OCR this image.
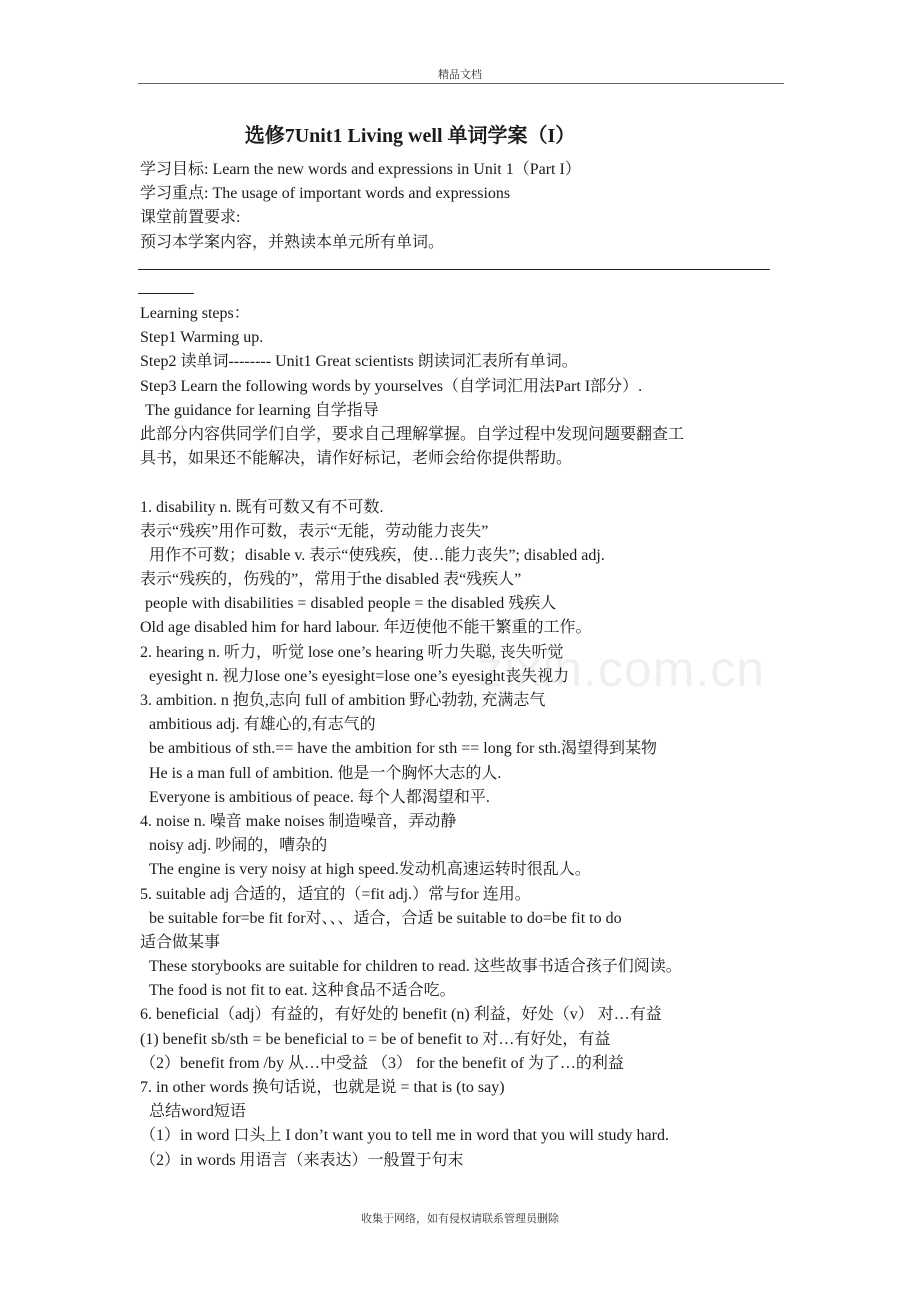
精品文档
选修7Unit1 Living well 单词学案（I）
学习目标: Learn the new words and expressions in Unit 1（Part I）
学习重点: The usage of important words and expressions
课堂前置要求:
预习本学案内容，并熟读本单元所有单词。
Learning steps：
Step1 Warming up.
Step2 读单词-------- Unit1 Great scientists 朗读词汇表所有单词。
Step3 Learn the following words by yourselves（自学词汇用法Part I部分）.
The guidance for learning 自学指导
此部分内容供同学们自学，要求自己理解掌握。自学过程中发现问题要翻查工
具书，如果还不能解决，请作好标记，老师会给你提供帮助。
1. disability n. 既有可数又有不可数.
表示“残疾”用作可数，表示“无能，劳动能力丧失”
用作不可数；disable v. 表示“使残疾，使…能力丧失”; disabled adj.
表示“残疾的，伤残的”，常用于the disabled 表“残疾人”
people with disabilities = disabled people = the disabled 残疾人
Old age disabled him for hard labour. 年迈使他不能干繁重的工作。
2. hearing n. 听力，听觉 lose one’s hearing 听力失聪, 丧失听觉
eyesight n. 视力lose one’s eyesight=lose one’s eyesight丧失视力
3. ambition. n 抱负,志向 full of ambition 野心勃勃, 充满志气
ambitious adj. 有雄心的,有志气的
be ambitious of sth.== have the ambition for sth == long for sth.渴望得到某物
He is a man full of ambition. 他是一个胸怀大志的人.
Everyone is ambitious of peace. 每个人都渴望和平.
4. noise n. 噪音 make noises 制造噪音，弄动静
noisy adj. 吵闹的，嘈杂的
The engine is very noisy at high speed.发动机高速运转时很乱人。
5. suitable adj 合适的，适宜的（=fit adj.）常与for 连用。
be suitable for=be fit for对、、、适合，合适 be suitable to do=be fit to do
适合做某事
These storybooks are suitable for children to read. 这些故事书适合孩子们阅读。
The food is not fit to eat. 这种食品不适合吃。
6. beneficial（adj）有益的，有好处的 benefit (n) 利益，好处（v） 对…有益
(1) benefit sb/sth = be beneficial to = be of benefit to 对…有好处，有益
（2）benefit from /by 从…中受益 （3） for the benefit of 为了…的利益
7. in other words 换句话说，也就是说 = that is (to say)
总结word短语
（1）in word 口头上 I don’t want you to tell me in word that you will study hard.
（2）in words 用语言（来表达）一般置于句末
zixin.com.cn
收集于网络，如有侵权请联系管理员删除
